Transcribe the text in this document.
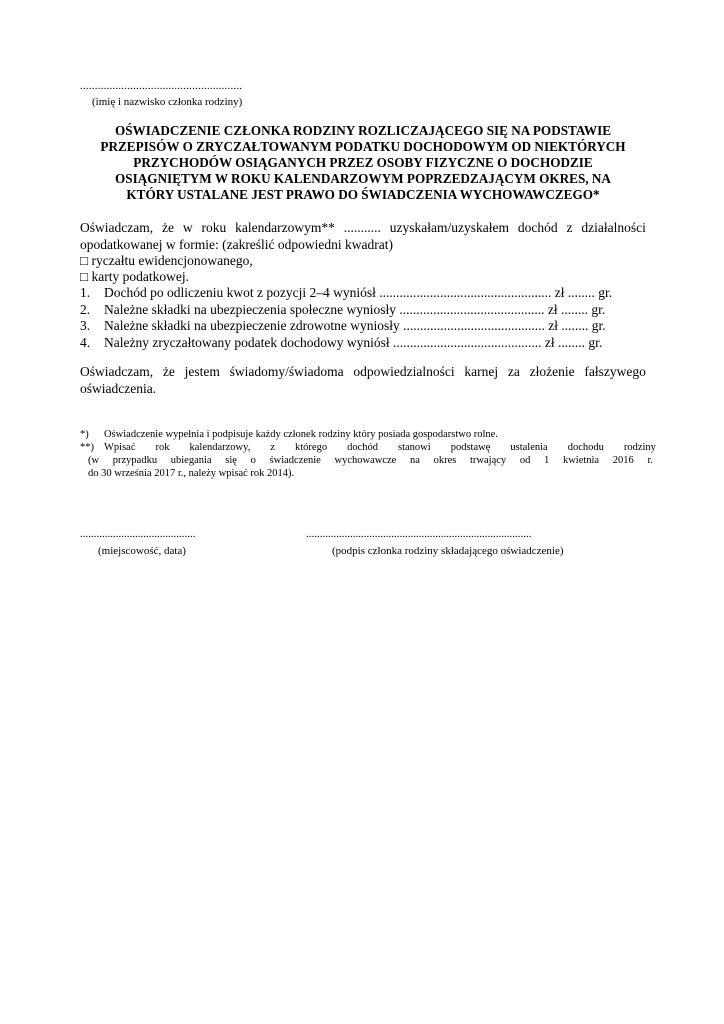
.......................................................
(imię i nazwisko członka rodziny)
OŚWIADCZENIE CZŁONKA RODZINY ROZLICZAJĄCEGO SIĘ NA PODSTAWIE
PRZEPISÓW O ZRYCZAŁTOWANYM PODATKU DOCHODOWYM OD NIEKTÓRYCH
PRZYCHODÓW OSIĄGANYCH PRZEZ OSOBY FIZYCZNE O DOCHODZIE
OSIĄGNIĘTYM W ROKU KALENDARZOWYM POPRZEDZAJĄCYM OKRES, NA
KTÓRY USTALANE JEST PRAWO DO ŚWIADCZENIA WYCHOWAWCZEGO*
Oświadczam, że w roku kalendarzowym** ........... uzyskałam/uzyskałem dochód z działalności
opodatkowanej w formie: (zakreślić odpowiedni kwadrat)
□ ryczałtu ewidencjonowanego,
□ karty podatkowej.
1.	Dochód po odliczeniu kwot z pozycji 2–4 wyniósł ................................................... zł ........ gr.
2.	Należne składki na ubezpieczenia społeczne wyniosły ........................................... zł ........ gr.
3.	Należne składki na ubezpieczenie zdrowotne wyniosły .......................................... zł ........ gr.
4.	Należny zryczałtowany podatek dochodowy wyniósł ............................................ zł ........ gr.
Oświadczam, że jestem świadomy/świadoma odpowiedzialności karnej za złożenie fałszywego
oświadczenia.
*)	Oświadczenie wypełnia i podpisuje każdy członek rodziny który posiada gospodarstwo rolne.
**) Wpisać rok kalendarzowy, z którego dochód stanowi podstawę ustalenia dochodu rodziny
(w przypadku ubiegania się o świadczenie wychowawcze na okres trwający od 1 kwietnia 2016 r.
do 30 września 2017 r., należy wpisać rok 2014).
..........................................	..................................................................................
(miejscowość, data)	(podpis członka rodziny składającego oświadczenie)
